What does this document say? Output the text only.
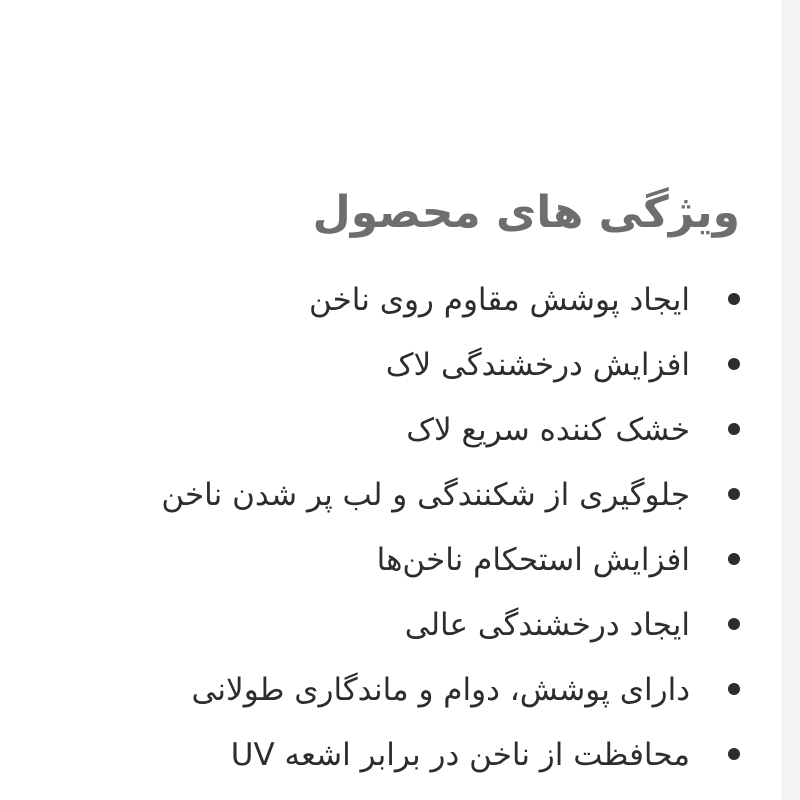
ویژگی های محصول
ایجاد پوشش مقاوم روی ناخن
افزایش درخشندگی لاک
خشک کننده سریع لاک
جلوگیری از شکنندگی و لب پر شدن ناخن
افزایش استحکام ناخن‌ها
ایجاد درخشندگی عالی
دارای پوشش، دوام و ماندگاری طولانی
محافظت از ناخن در برابر اشعه UV
